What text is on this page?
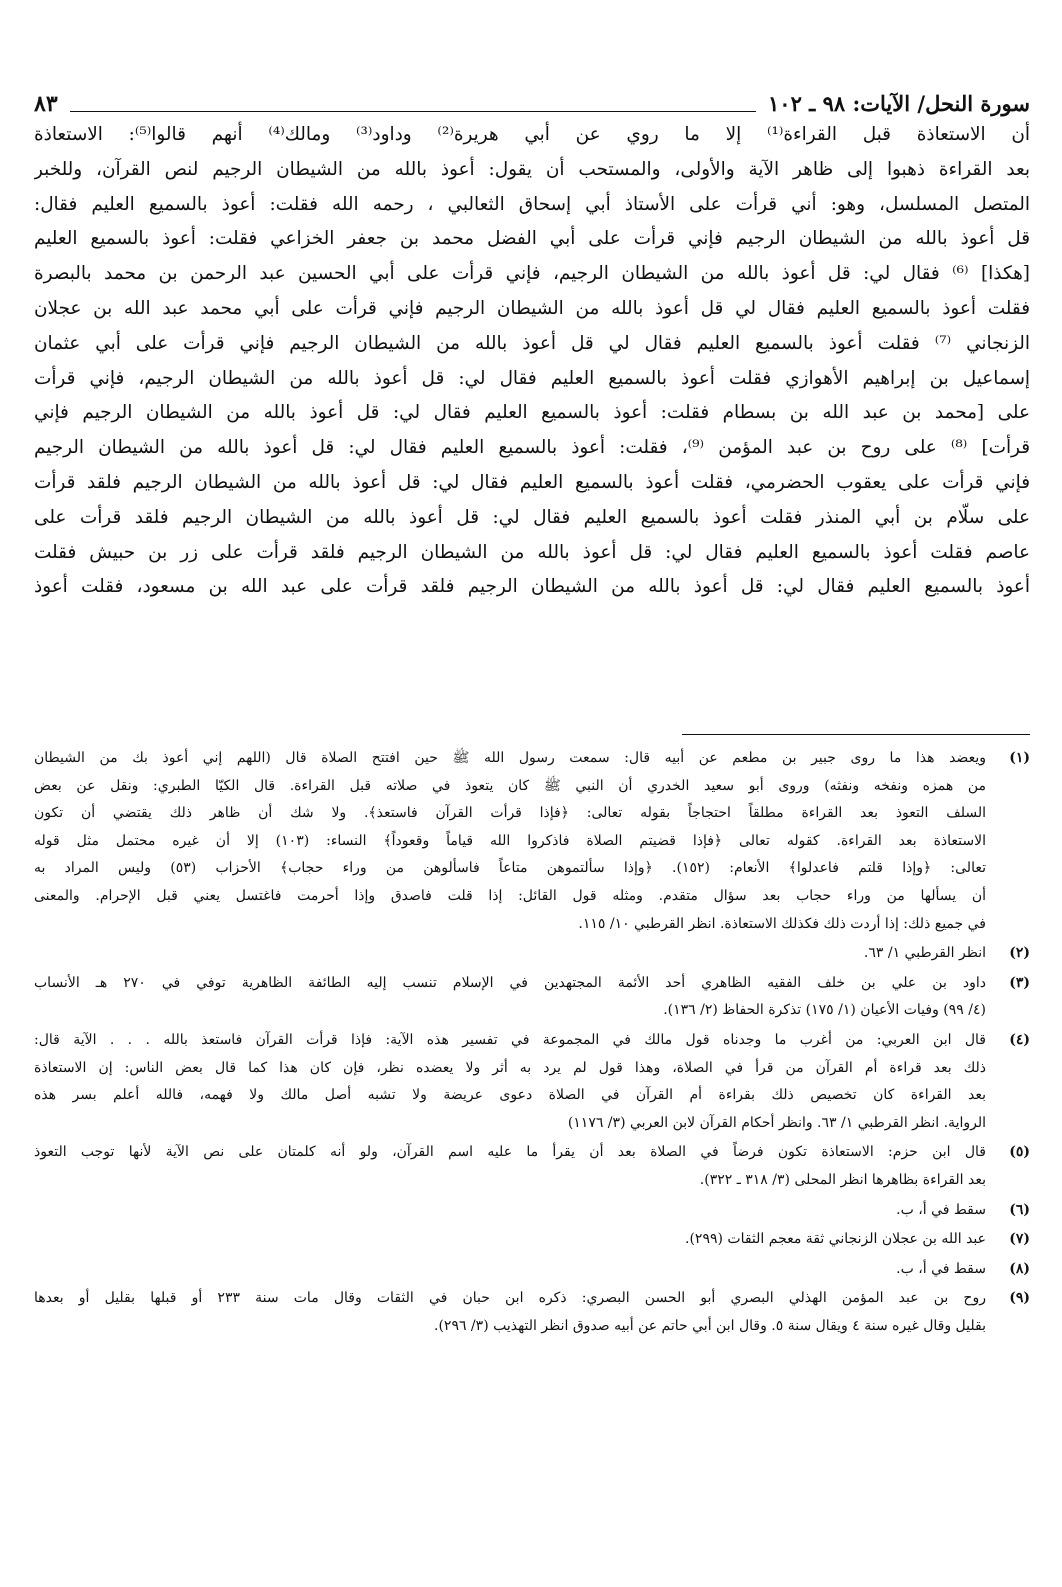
سورة النحل/ الآيات: ٩٨ ـ ١٠٢
٨٣
أن الاستعاذة قبل القراءة⁽¹⁾ إلا ما روي عن أبي هريرة⁽²⁾ وداود⁽³⁾ ومالك⁽⁴⁾ أنهم قالوا⁽⁵⁾: الاستعاذة
بعد القراءة ذهبوا إلى ظاهر الآية والأولى، والمستحب أن يقول: أعوذ بالله من الشيطان الرجيم لنص القرآن، وللخبر
المتصل المسلسل، وهو: أني قرأت على الأستاذ أبي إسحاق الثعالبي ، رحمه الله فقلت: أعوذ بالسميع العليم فقال:
قل أعوذ بالله من الشيطان الرجيم فإني قرأت على أبي الفضل محمد بن جعفر الخزاعي فقلت: أعوذ بالسميع العليم
[هكذا] ⁽⁶⁾ فقال لي: قل أعوذ بالله من الشيطان الرجيم، فإني قرأت على أبي الحسين عبد الرحمن بن محمد بالبصرة
فقلت أعوذ بالسميع العليم فقال لي قل أعوذ بالله من الشيطان الرجيم فإني قرأت على أبي محمد عبد الله بن عجلان
الزنجاني ⁽⁷⁾ فقلت أعوذ بالسميع العليم فقال لي قل أعوذ بالله من الشيطان الرجيم فإني قرأت على أبي عثمان
إسماعيل بن إبراهيم الأهوازي فقلت أعوذ بالسميع العليم فقال لي: قل أعوذ بالله من الشيطان الرجيم، فإني قرأت
على [محمد بن عبد الله بن بسطام فقلت: أعوذ بالسميع العليم فقال لي: قل أعوذ بالله من الشيطان الرجيم فإني
قرأت] ⁽⁸⁾ على روح بن عبد المؤمن ⁽⁹⁾، فقلت: أعوذ بالسميع العليم فقال لي: قل أعوذ بالله من الشيطان الرجيم
فإني قرأت على يعقوب الحضرمي، فقلت أعوذ بالسميع العليم فقال لي: قل أعوذ بالله من الشيطان الرجيم فلقد قرأت
على سلّام بن أبي المنذر فقلت أعوذ بالسميع العليم فقال لي: قل أعوذ بالله من الشيطان الرجيم فلقد قرأت على
عاصم فقلت أعوذ بالسميع العليم فقال لي: قل أعوذ بالله من الشيطان الرجيم فلقد قرأت على زر بن حبيش فقلت
أعوذ بالسميع العليم فقال لي: قل أعوذ بالله من الشيطان الرجيم فلقد قرأت على عبد الله بن مسعود، فقلت أعوذ
(١)
ويعضد هذا ما روى جبير بن مطعم عن أبيه قال: سمعت رسول الله ﷺ حين افتتح الصلاة قال (اللهم إني أعوذ بك من الشيطان
من همزه ونفخه ونفثه) وروى أبو سعيد الخدري أن النبي ﷺ كان يتعوذ في صلاته قبل القراءة. قال الكيّا الطبري: ونقل عن بعض
السلف التعوذ بعد القراءة مطلقاً احتجاجاً بقوله تعالى: ﴿فإذا قرأت القرآن فاستعذ﴾. ولا شك أن ظاهر ذلك يقتضي أن تكون
الاستعاذة بعد القراءة. كقوله تعالى ﴿فإذا قضيتم الصلاة فاذكروا الله قياماً وقعوداً﴾ النساء: (١٠٣) إلا أن غيره محتمل مثل قوله
تعالى: ﴿وإذا قلتم فاعدلوا﴾ الأنعام: (١٥٢). ﴿وإذا سألتموهن متاعاً فاسألوهن من وراء حجاب﴾ الأحزاب (٥٣) وليس المراد به
أن يسألها من وراء حجاب بعد سؤال متقدم. ومثله قول القائل: إذا قلت فاصدق وإذا أحرمت فاغتسل يعني قبل الإحرام. والمعنى
في جميع ذلك: إذا أردت ذلك فكذلك الاستعاذة. انظر القرطبي ١٠/ ١١٥.
(٢)
انظر القرطبي ١/ ٦٣.
(٣)
داود بن علي بن خلف الفقيه الظاهري أحد الأئمة المجتهدين في الإسلام تنسب إليه الطائفة الظاهرية توفي في ٢٧٠ هـ الأنساب
(٤/ ٩٩) وفيات الأعيان (١/ ١٧٥) تذكرة الحفاظ (٢/ ١٣٦).
(٤)
قال ابن العربي: من أغرب ما وجدناه قول مالك في المجموعة في تفسير هذه الآية: فإذا قرأت القرآن فاستعذ بالله . . . الآية قال:
ذلك بعد قراءة أم القرآن من قرأ في الصلاة، وهذا قول لم يرد به أثر ولا يعضده نظر، فإن كان هذا كما قال بعض الناس: إن الاستعاذة
بعد القراءة كان تخصيص ذلك بقراءة أم القرآن في الصلاة دعوى عريضة ولا تشبه أصل مالك ولا فهمه، فالله أعلم بسر هذه
الرواية. انظر القرطبي ١/ ٦٣. وانظر أحكام القرآن لابن العربي (٣/ ١١٧٦)
(٥)
قال ابن حزم: الاستعاذة تكون فرضاً في الصلاة بعد أن يقرأ ما عليه اسم القرآن، ولو أنه كلمتان على نص الآية لأنها توجب التعوذ
بعد القراءة بظاهرها انظر المحلى (٣/ ٣١٨ ـ ٣٢٢).
(٦)
سقط في أ، ب.
(٧)
عبد الله بن عجلان الزنجاني ثقة معجم الثقات (٢٩٩).
(٨)
سقط في أ، ب.
(٩)
روح بن عبد المؤمن الهذلي البصري أبو الحسن البصري: ذكره ابن حبان في الثقات وقال مات سنة ٢٣٣ أو قبلها بقليل أو بعدها
بقليل وقال غيره سنة ٤ ويقال سنة ٥. وقال ابن أبي حاتم عن أبيه صدوق انظر التهذيب (٣/ ٢٩٦).
